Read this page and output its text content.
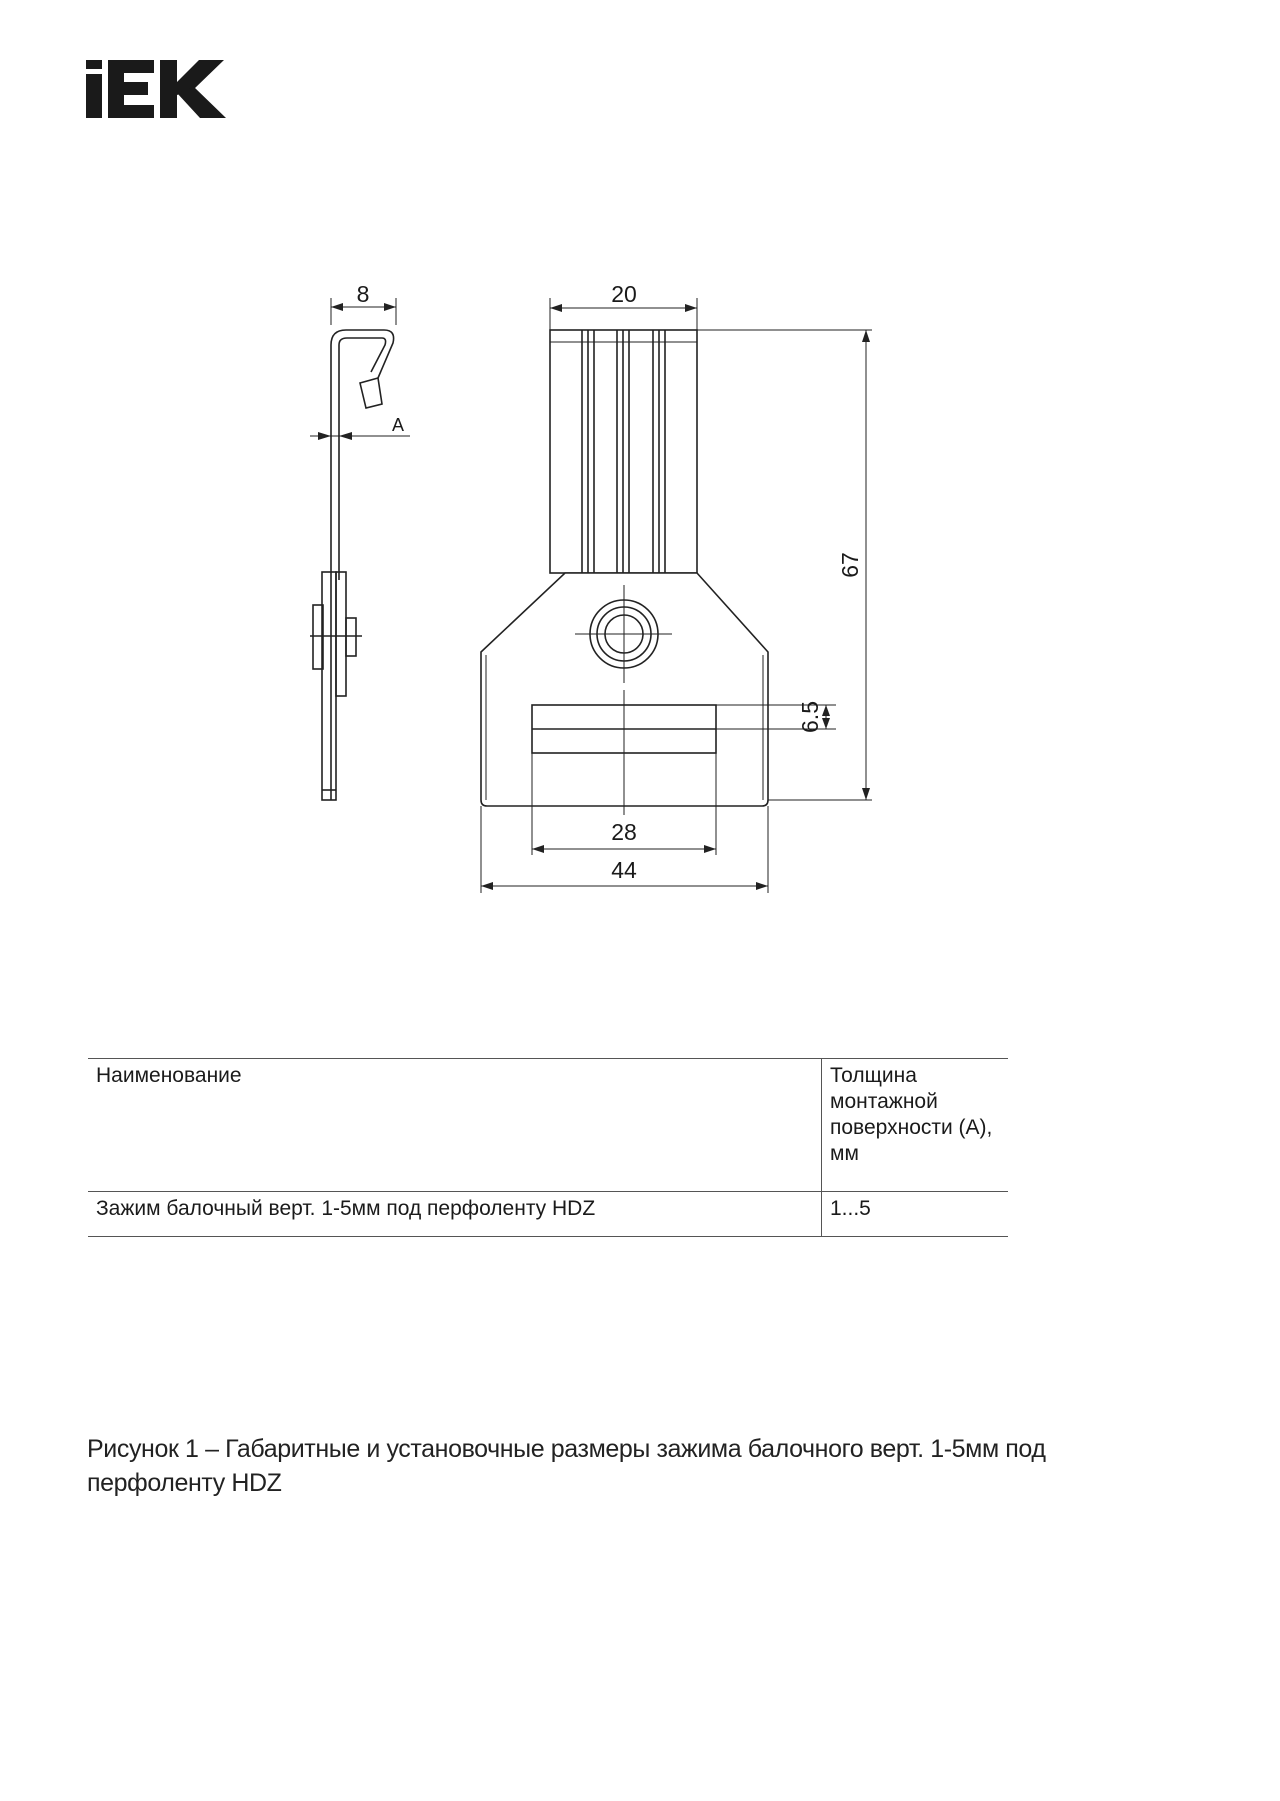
8
A
20
67
6.5
28
44
Наименование	Толщина монтажной поверхности (А), мм
Зажим балочный верт. 1-5мм под перфоленту HDZ	1...5
Рисунок 1 – Габаритные и установочные размеры зажима балочного верт. 1-5мм под
перфоленту HDZ
